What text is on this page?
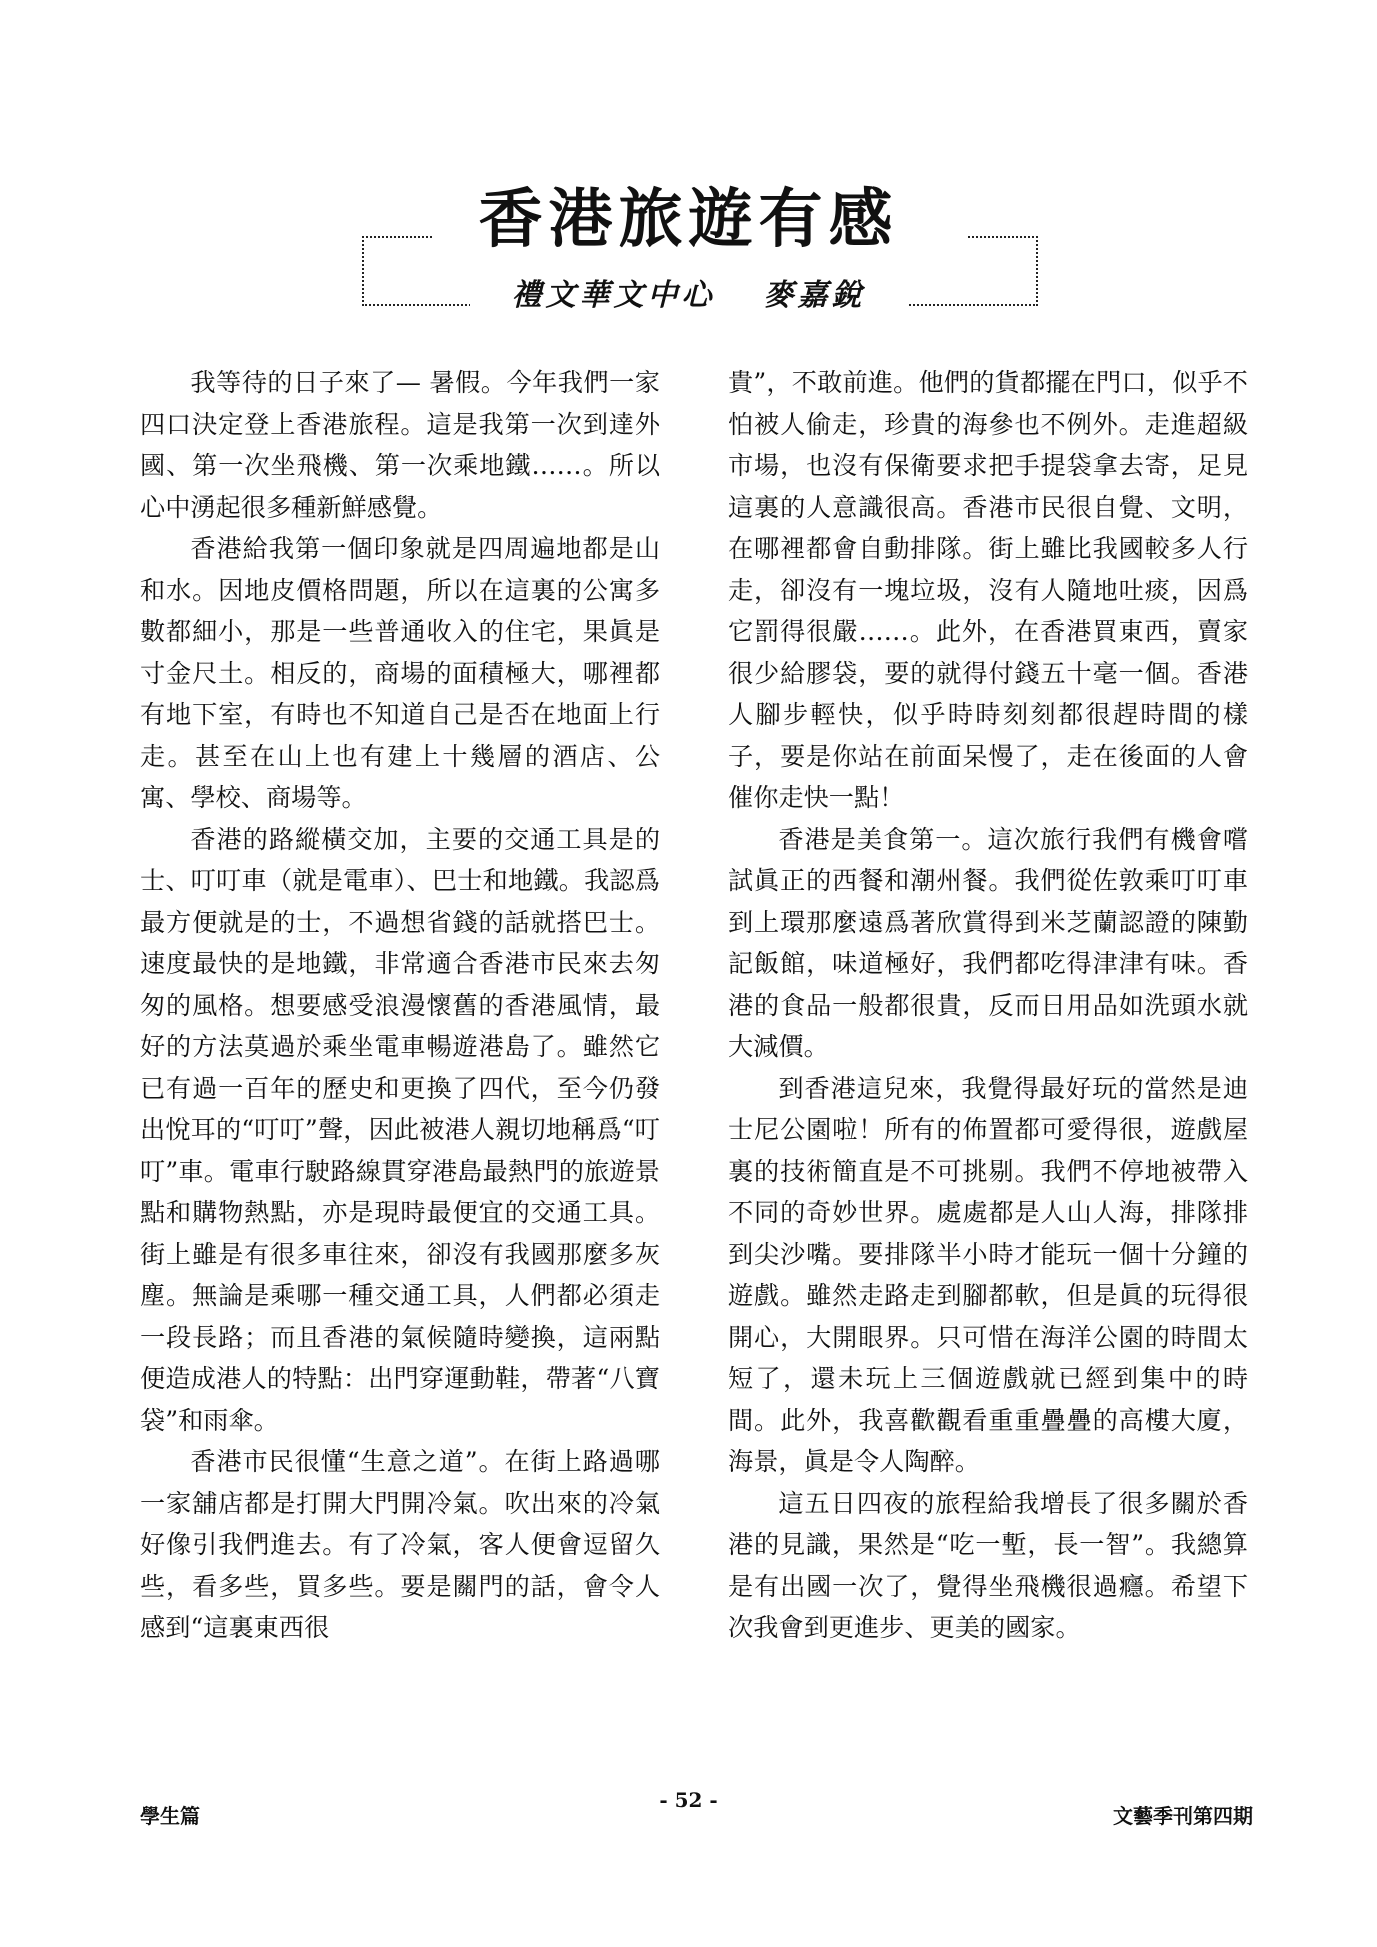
香港旅遊有感
禮文華文中心 麥嘉銳

我等待的日子來了— 暑假。今年我們一家四口決定登上香港旅程。這是我第一次到達外國、第一次坐飛機、第一次乘地鐵……。所以心中湧起很多種新鮮感覺。

香港給我第一個印象就是四周遍地都是山和水。因地皮價格問題，所以在這裏的公寓多數都細小，那是一些普通收入的住宅，果眞是寸金尺土。相反的，商場的面積極大，哪裡都有地下室，有時也不知道自己是否在地面上行走。甚至在山上也有建上十幾層的酒店、公寓、學校、商場等。

香港的路縱橫交加，主要的交通工具是的士、叮叮車（就是電車）、巴士和地鐵。我認爲最方便就是的士，不過想省錢的話就搭巴士。速度最快的是地鐵，非常適合香港市民來去匆匆的風格。想要感受浪漫懷舊的香港風情，最好的方法莫過於乘坐電車暢遊港島了。雖然它已有過一百年的歷史和更換了四代，至今仍發出悅耳的“叮叮”聲，因此被港人親切地稱爲“叮叮”車。電車行駛路線貫穿港島最熱門的旅遊景點和購物熱點，亦是現時最便宜的交通工具。街上雖是有很多車往來，卻沒有我國那麼多灰塵。無論是乘哪一種交通工具，人們都必須走一段長路；而且香港的氣候隨時變換，這兩點便造成港人的特點：出門穿運動鞋，帶著“八寶袋”和雨傘。

香港市民很懂“生意之道”。在街上路過哪一家舖店都是打開大門開冷氣。吹出來的冷氣好像引我們進去。有了冷氣，客人便會逗留久些，看多些，買多些。要是關門的話，會令人感到“這裏東西很

貴”，不敢前進。他們的貨都擺在門口，似乎不怕被人偷走，珍貴的海參也不例外。走進超級市場，也沒有保衛要求把手提袋拿去寄，足見這裏的人意識很高。香港市民很自覺、文明，在哪裡都會自動排隊。街上雖比我國較多人行走，卻沒有一塊垃圾，沒有人隨地吐痰，因爲它罰得很嚴……。此外，在香港買東西，賣家很少給膠袋，要的就得付錢五十毫一個。香港人腳步輕快，似乎時時刻刻都很趕時間的樣子，要是你站在前面呆慢了，走在後面的人會催你走快一點！

香港是美食第一。這次旅行我們有機會嚐試眞正的西餐和潮州餐。我們從佐敦乘叮叮車到上環那麼遠爲著欣賞得到米芝蘭認證的陳勤記飯館，味道極好，我們都吃得津津有味。香港的食品一般都很貴，反而日用品如洗頭水就大減價。

到香港這兒來，我覺得最好玩的當然是迪士尼公園啦！所有的佈置都可愛得很，遊戲屋裏的技術簡直是不可挑剔。我們不停地被帶入不同的奇妙世界。處處都是人山人海，排隊排到尖沙嘴。要排隊半小時才能玩一個十分鐘的遊戲。雖然走路走到腳都軟，但是眞的玩得很開心，大開眼界。只可惜在海洋公園的時間太短了，還未玩上三個遊戲就已經到集中的時間。此外，我喜歡觀看重重疊疊的高樓大廈，海景，眞是令人陶醉。

這五日四夜的旅程給我增長了很多關於香港的見識，果然是“吃一塹，長一智”。我總算是有出國一次了，覺得坐飛機很過癮。希望下次我會到更進步、更美的國家。

學生篇
- 52 -
文藝季刊第四期
